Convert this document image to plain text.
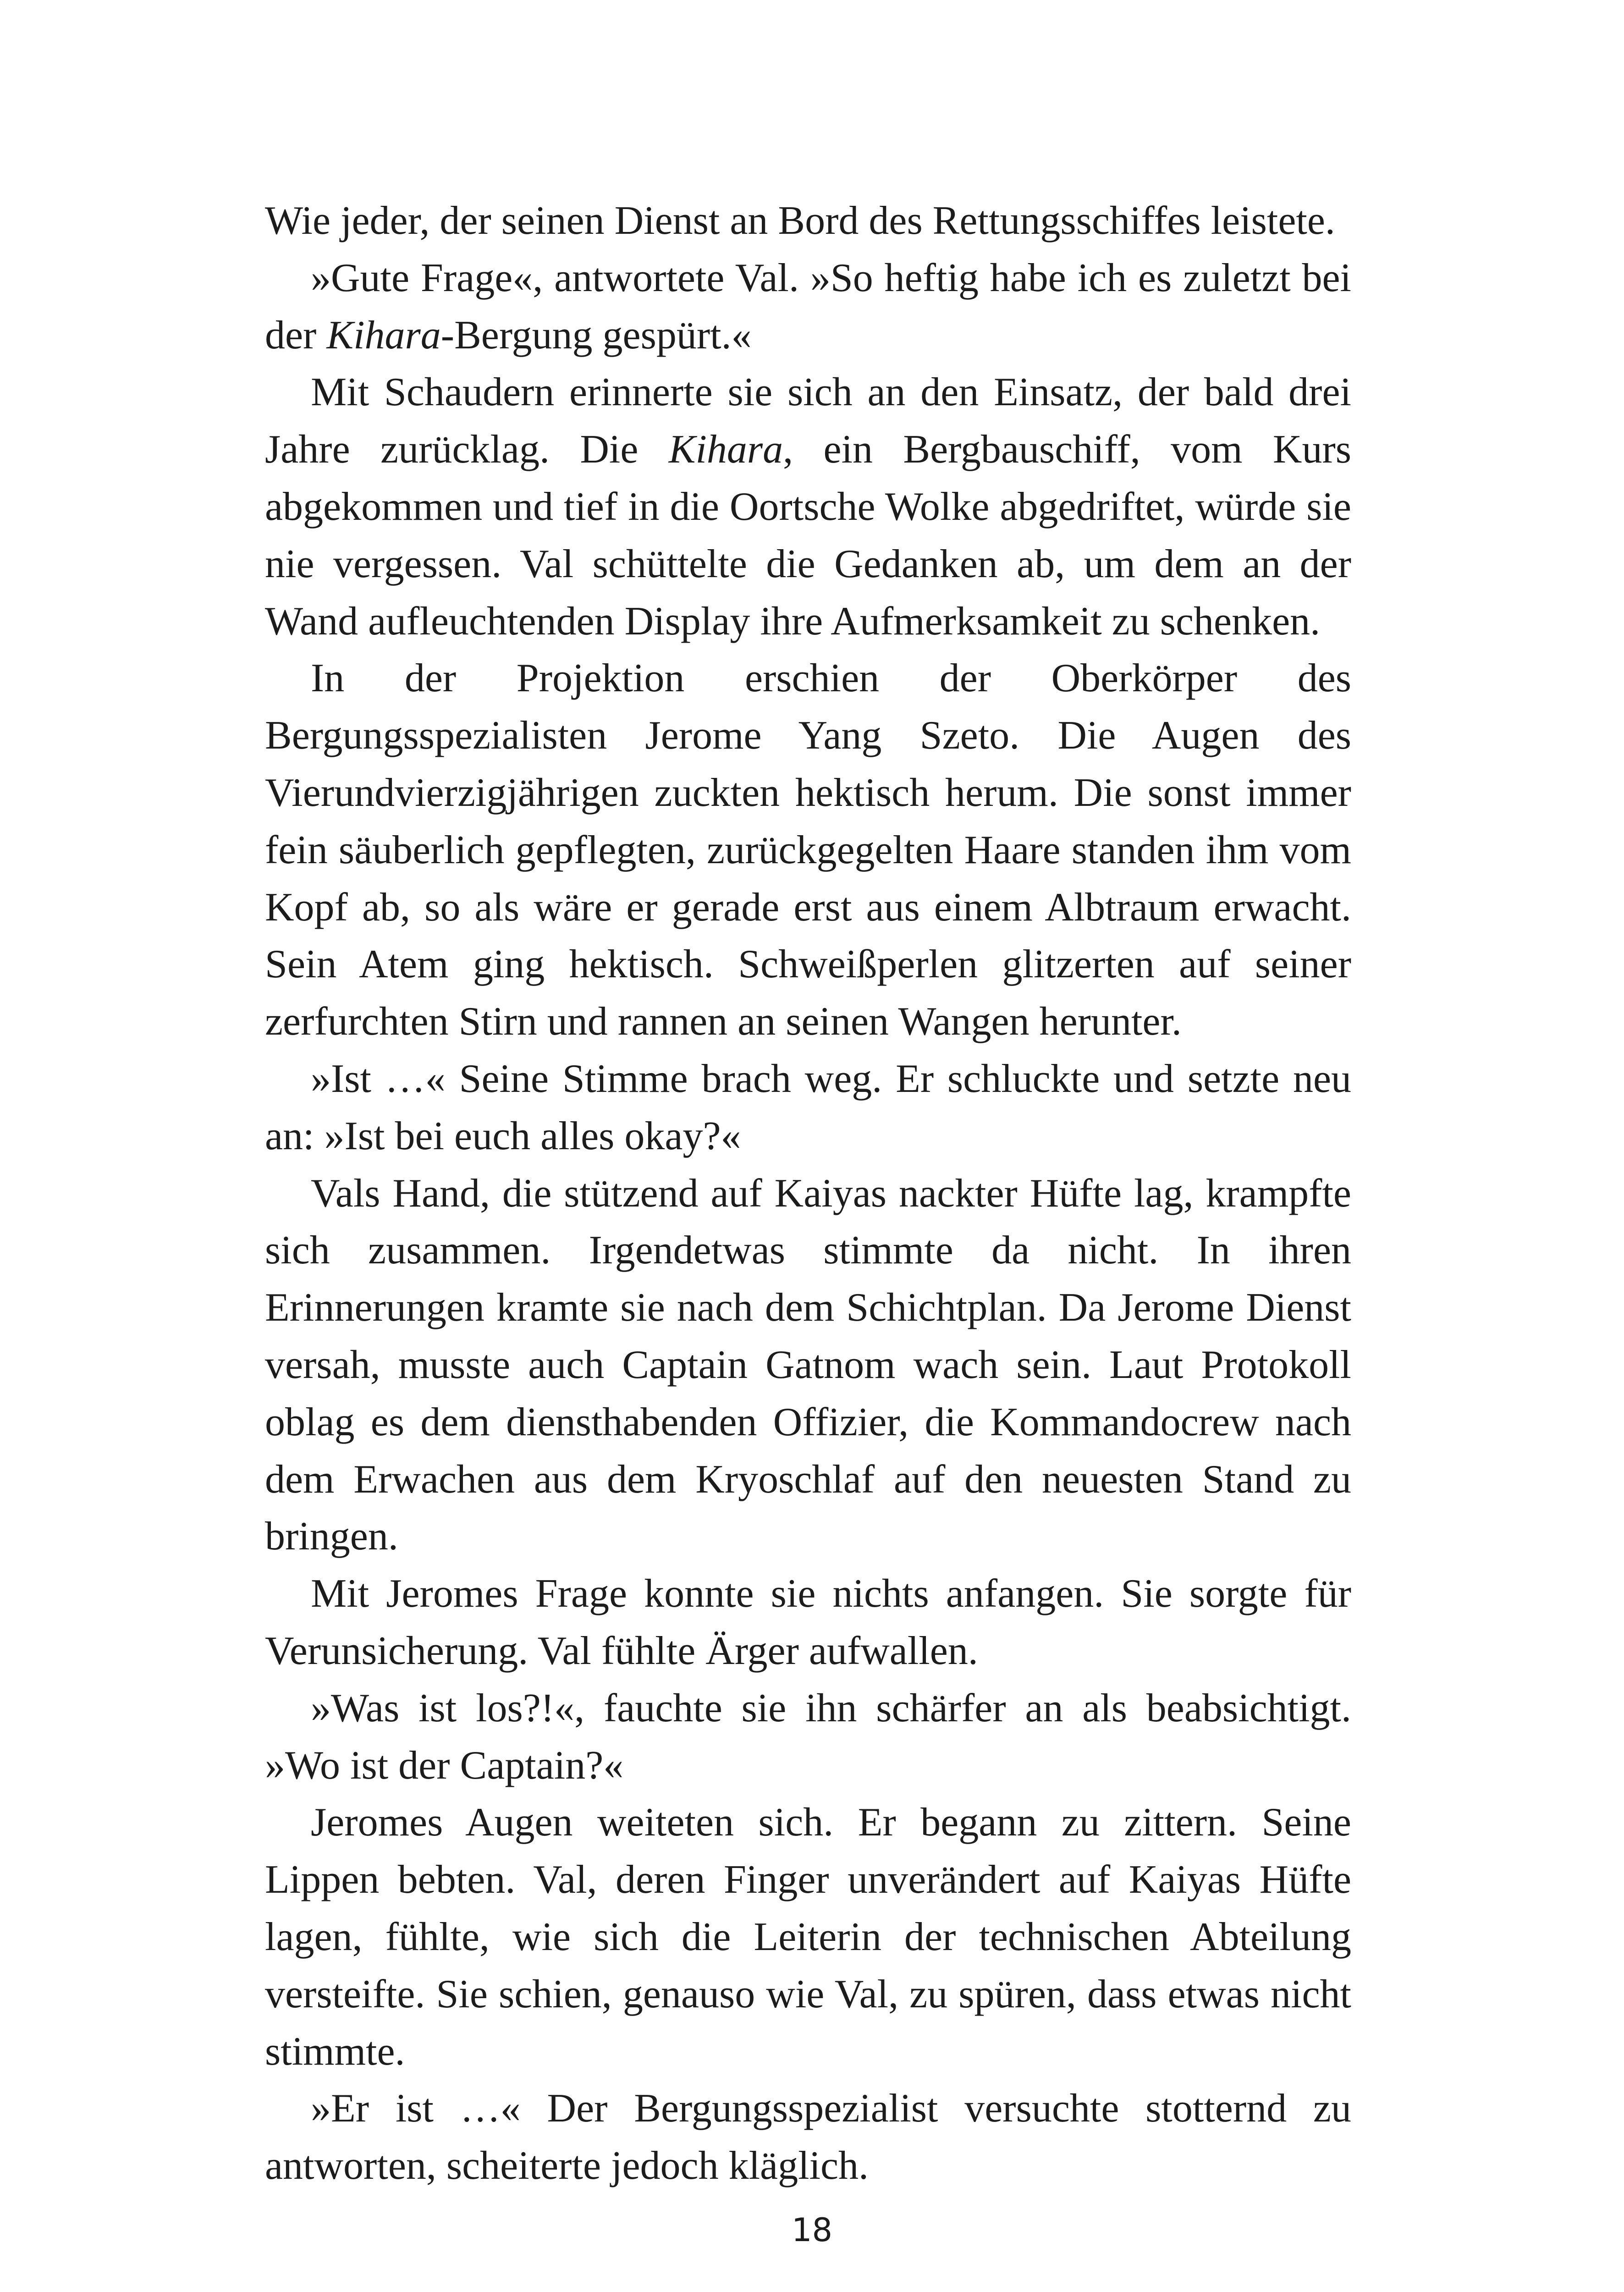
Wie jeder, der seinen Dienst an Bord des Rettungsschiffes leistete.

»Gute Frage«, antwortete Val. »So heftig habe ich es zuletzt bei der Kihara-Bergung gespürt.«

Mit Schaudern erinnerte sie sich an den Einsatz, der bald drei Jahre zurücklag. Die Kihara, ein Bergbauschiff, vom Kurs abgekommen und tief in die Oortsche Wolke abgedriftet, würde sie nie vergessen. Val schüttelte die Gedanken ab, um dem an der Wand aufleuchtenden Display ihre Aufmerksamkeit zu schenken.

In der Projektion erschien der Oberkörper des Bergungsspezialisten Jerome Yang Szeto. Die Augen des Vierundvierzigjährigen zuckten hektisch herum. Die sonst immer fein säuberlich gepflegten, zurückgegelten Haare standen ihm vom Kopf ab, so als wäre er gerade erst aus einem Albtraum erwacht. Sein Atem ging hektisch. Schweißperlen glitzerten auf seiner zerfurchten Stirn und rannen an seinen Wangen herunter.

»Ist …« Seine Stimme brach weg. Er schluckte und setzte neu an: »Ist bei euch alles okay?«

Vals Hand, die stützend auf Kaiyas nackter Hüfte lag, krampfte sich zusammen. Irgendetwas stimmte da nicht. In ihren Erinnerungen kramte sie nach dem Schichtplan. Da Jerome Dienst versah, musste auch Captain Gatnom wach sein. Laut Protokoll oblag es dem diensthabenden Offizier, die Kommandocrew nach dem Erwachen aus dem Kryoschlaf auf den neuesten Stand zu bringen.

Mit Jeromes Frage konnte sie nichts anfangen. Sie sorgte für Verunsicherung. Val fühlte Ärger aufwallen.

»Was ist los?!«, fauchte sie ihn schärfer an als beabsichtigt. »Wo ist der Captain?«

Jeromes Augen weiteten sich. Er begann zu zittern. Seine Lippen bebten. Val, deren Finger unverändert auf Kaiyas Hüfte lagen, fühlte, wie sich die Leiterin der technischen Abteilung versteifte. Sie schien, genauso wie Val, zu spüren, dass etwas nicht stimmte.

»Er ist …« Der Bergungsspezialist versuchte stotternd zu antworten, scheiterte jedoch kläglich.

18
